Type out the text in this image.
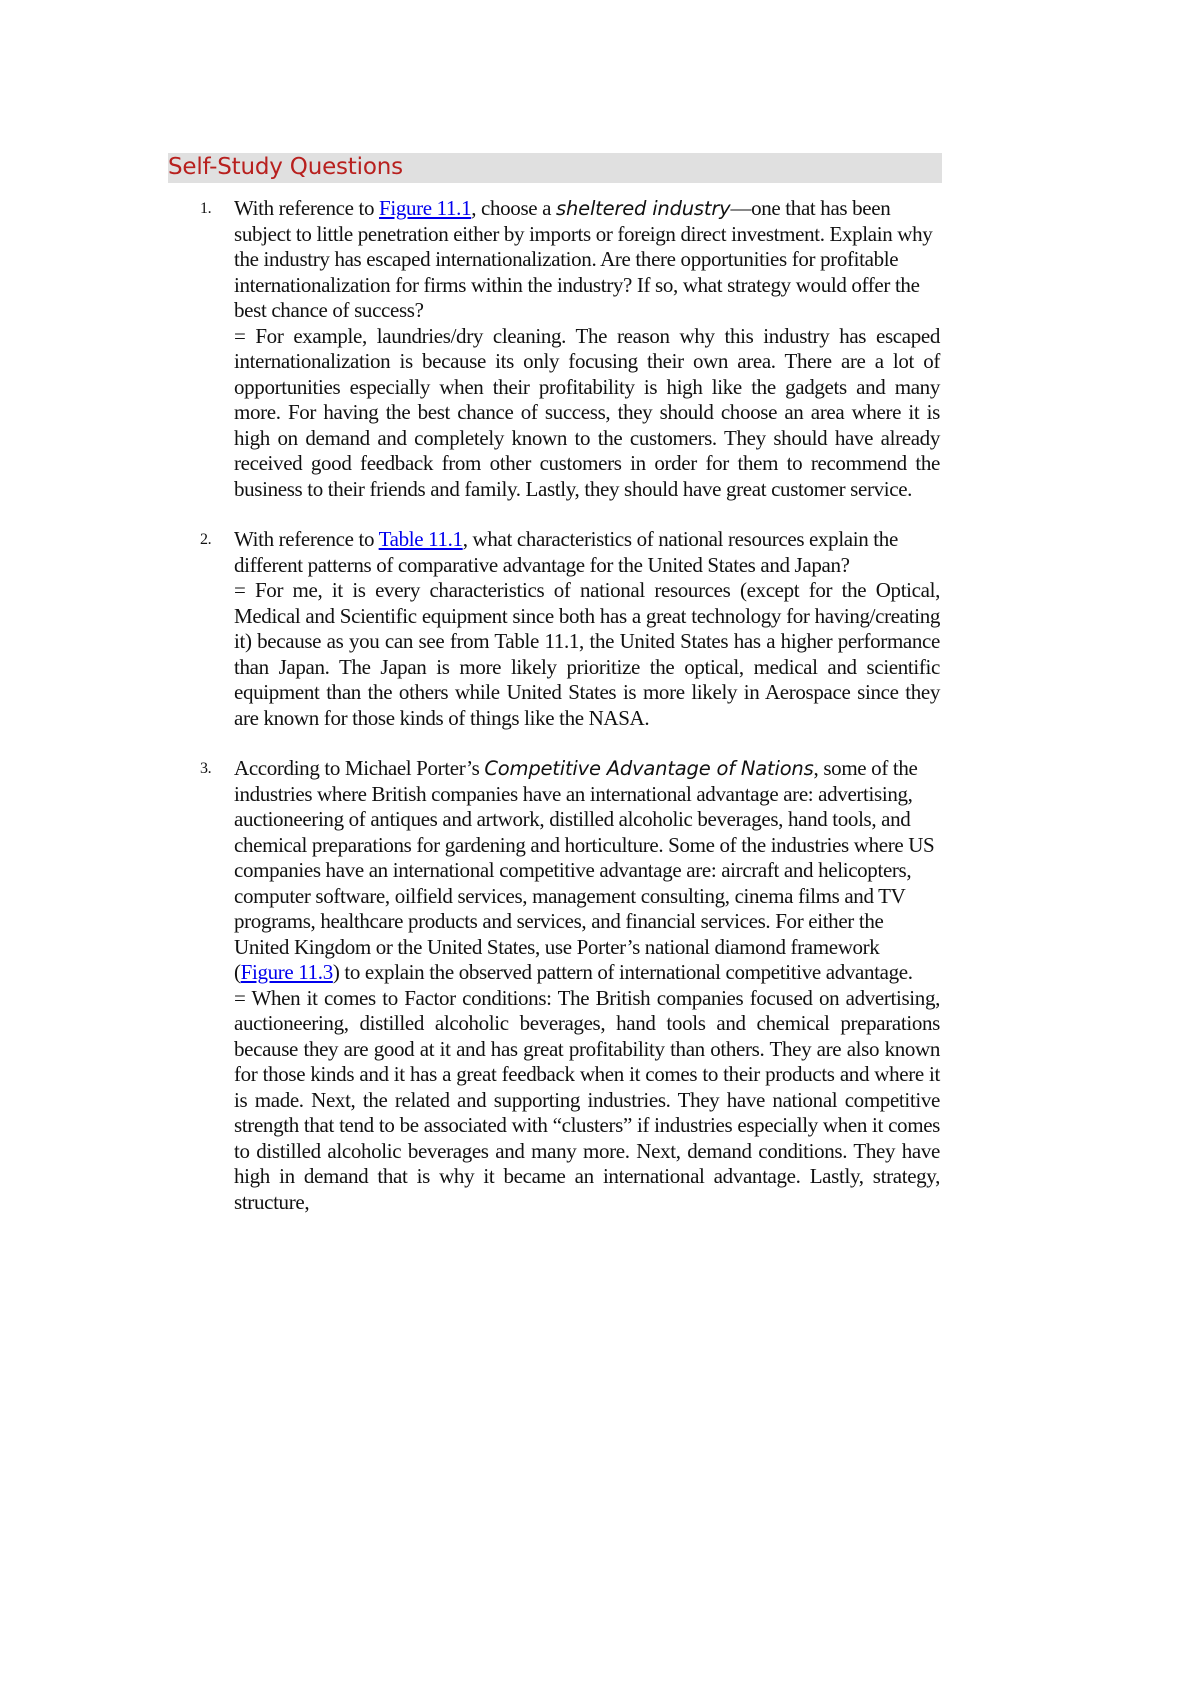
Self-Study Questions
1. With reference to Figure 11.1, choose a sheltered industry—one that has been subject to little penetration either by imports or foreign direct investment. Explain why the industry has escaped internationalization. Are there opportunities for profitable internationalization for firms within the industry? If so, what strategy would offer the best chance of success?
= For example, laundries/dry cleaning. The reason why this industry has escaped internationalization is because its only focusing their own area. There are a lot of opportunities especially when their profitability is high like the gadgets and many more. For having the best chance of success, they should choose an area where it is high on demand and completely known to the customers. They should have already received good feedback from other customers in order for them to recommend the business to their friends and family. Lastly, they should have great customer service.
2. With reference to Table 11.1, what characteristics of national resources explain the different patterns of comparative advantage for the United States and Japan?
= For me, it is every characteristics of national resources (except for the Optical, Medical and Scientific equipment since both has a great technology for having/creating it) because as you can see from Table 11.1, the United States has a higher performance than Japan. The Japan is more likely prioritize the optical, medical and scientific equipment than the others while United States is more likely in Aerospace since they are known for those kinds of things like the NASA.
3. According to Michael Porter’s Competitive Advantage of Nations, some of the industries where British companies have an international advantage are: advertising, auctioneering of antiques and artwork, distilled alcoholic beverages, hand tools, and chemical preparations for gardening and horticulture. Some of the industries where US companies have an international competitive advantage are: aircraft and helicopters, computer software, oilfield services, management consulting, cinema films and TV programs, healthcare products and services, and financial services. For either the United Kingdom or the United States, use Porter’s national diamond framework (Figure 11.3) to explain the observed pattern of international competitive advantage.
= When it comes to Factor conditions: The British companies focused on advertising, auctioneering, distilled alcoholic beverages, hand tools and chemical preparations because they are good at it and has great profitability than others. They are also known for those kinds and it has a great feedback when it comes to their products and where it is made. Next, the related and supporting industries. They have national competitive strength that tend to be associated with “clusters” if industries especially when it comes to distilled alcoholic beverages and many more. Next, demand conditions. They have high in demand that is why it became an international advantage. Lastly, strategy, structure,
